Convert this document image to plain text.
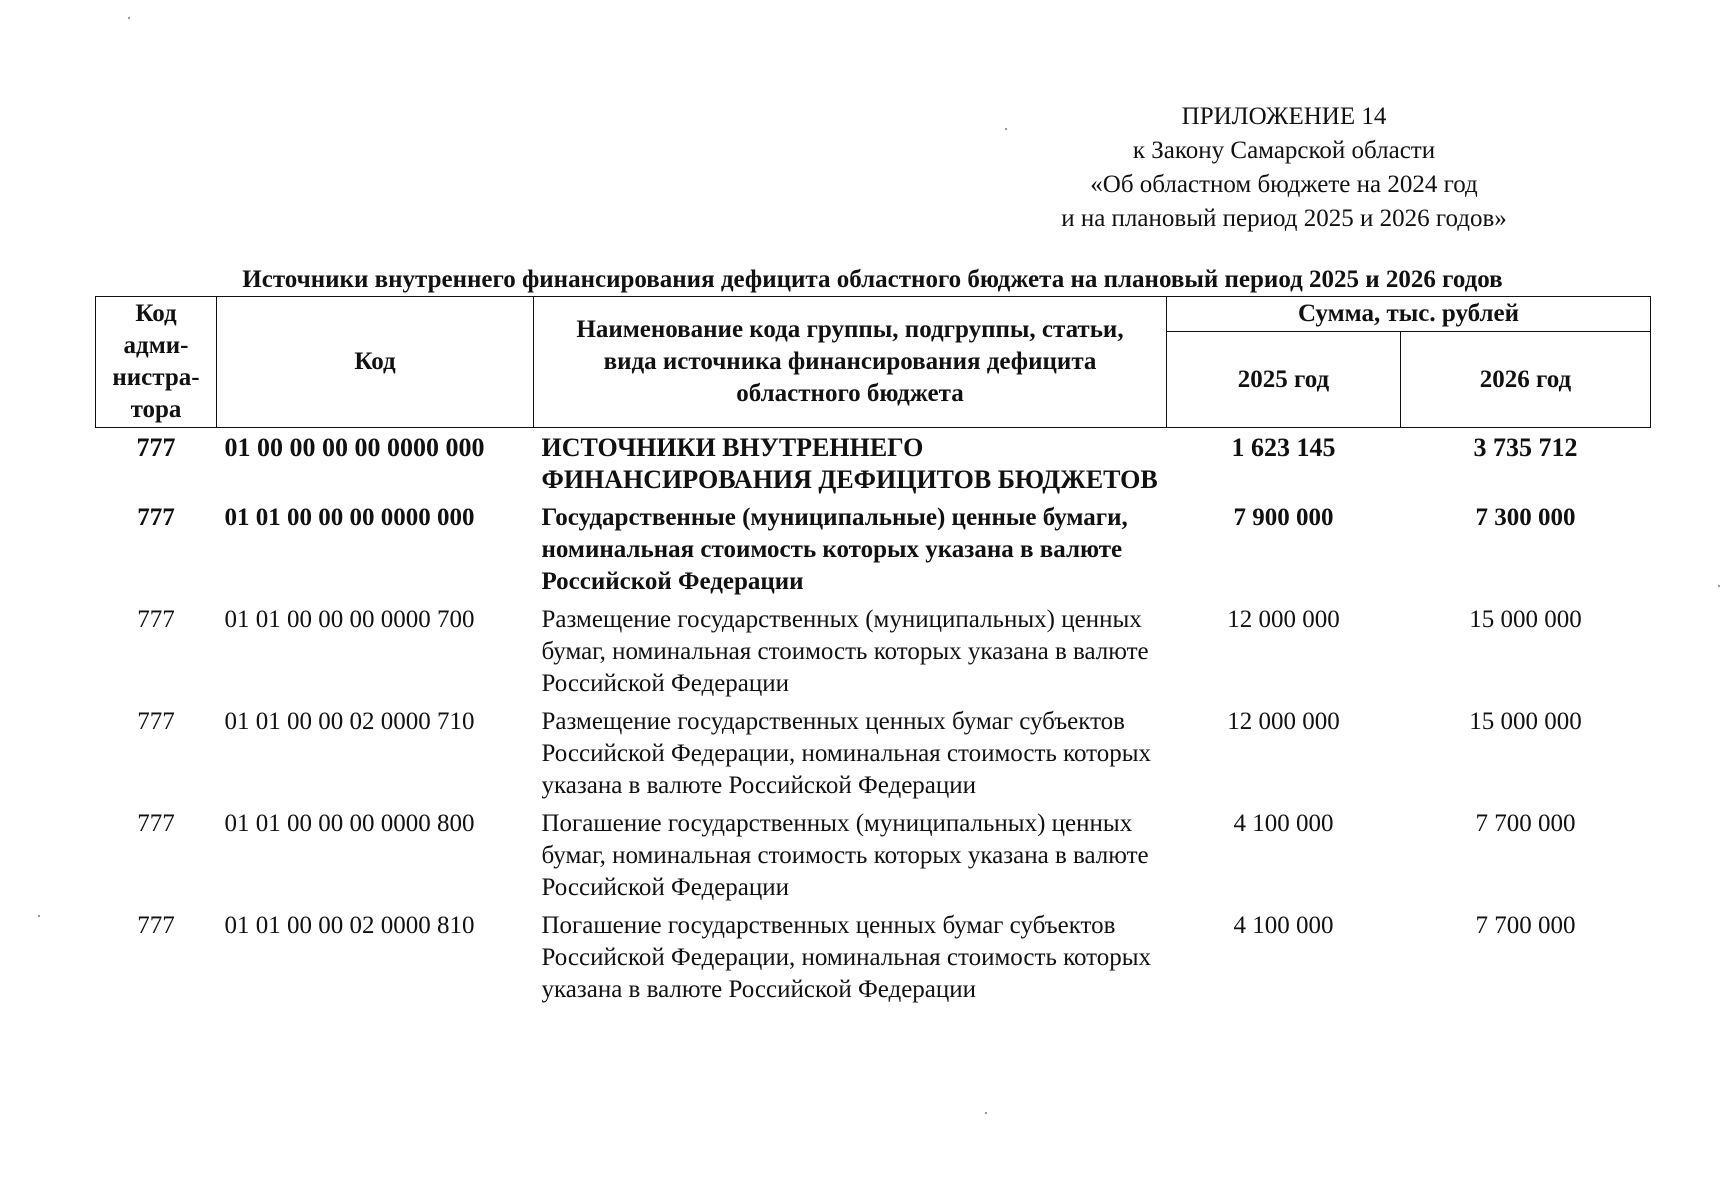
ПРИЛОЖЕНИЕ 14
к Закону Самарской области
«Об областном бюджете на 2024 год
и на плановый период 2025 и 2026 годов»
Источники внутреннего финансирования дефицита областного бюджета на плановый период 2025 и 2026 годов
Код адми-нистра-тора	Код	Наименование кода группы, подгруппы, статьи, вида источника финансирования дефицита областного бюджета	Сумма, тыс. рублей	
			2025 год	2026 год
777	01 00 00 00 00 0000 000	ИСТОЧНИКИ ВНУТРЕННЕГО ФИНАНСИРОВАНИЯ ДЕФИЦИТОВ БЮДЖЕТОВ	1 623 145	3 735 712
777	01 01 00 00 00 0000 000	Государственные (муниципальные) ценные бумаги, номинальная стоимость которых указана в валюте Российской Федерации	7 900 000	7 300 000
777	01 01 00 00 00 0000 700	Размещение государственных (муниципальных) ценных бумаг, номинальная стоимость которых указана в валюте Российской Федерации	12 000 000	15 000 000
777	01 01 00 00 02 0000 710	Размещение государственных ценных бумаг субъектов Российской Федерации, номинальная стоимость которых указана в валюте Российской Федерации	12 000 000	15 000 000
777	01 01 00 00 00 0000 800	Погашение государственных (муниципальных) ценных бумаг, номинальная стоимость которых указана в валюте Российской Федерации	4 100 000	7 700 000
777	01 01 00 00 02 0000 810	Погашение государственных ценных бумаг субъектов Российской Федерации, номинальная стоимость которых указана в валюте Российской Федерации	4 100 000	7 700 000
